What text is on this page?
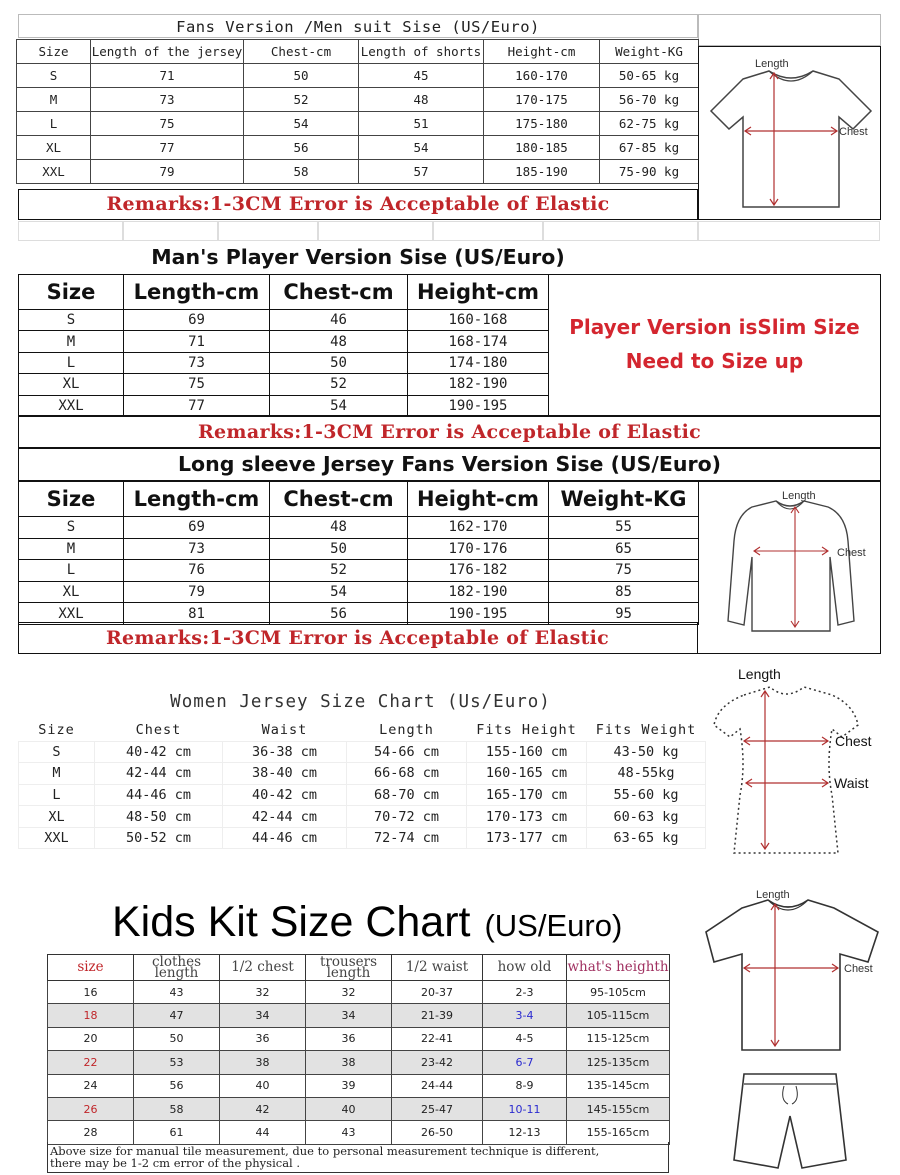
Fans Version /Men suit Sise (US/Euro)
Size	Length of the jersey	Chest-cm	Length of shorts	Height-cm	Weight-KG
S	71	50	45	160-170	50-65 kg
M	73	52	48	170-175	56-70 kg
L	75	54	51	175-180	62-75 kg
XL	77	56	54	180-185	67-85 kg
XXL	79	58	57	185-190	75-90 kg
Remarks:1-3CM Error is Acceptable of Elastic
Length
Chest
Man's Player Version Sise (US/Euro)
Size	Length-cm	Chest-cm	Height-cm
S	69	46	160-168
M	71	48	168-174
L	73	50	174-180
XL	75	52	182-190
XXL	77	54	190-195
Player Version isSlim Size
Need to Size up
Remarks:1-3CM Error is Acceptable of Elastic
Long sleeve Jersey Fans Version Sise (US/Euro)
Size	Length-cm	Chest-cm	Height-cm	Weight-KG
S	69	48	162-170	55
M	73	50	170-176	65
L	76	52	176-182	75
XL	79	54	182-190	85
XXL	81	56	190-195	95
Remarks:1-3CM Error is Acceptable of Elastic
Length
Chest
Women Jersey Size Chart (Us/Euro)
Size	Chest	Waist	Length	Fits Height	Fits Weight
S	40-42 cm	36-38 cm	54-66 cm	155-160 cm	43-50 kg
M	42-44 cm	38-40 cm	66-68 cm	160-165 cm	48-55kg
L	44-46 cm	40-42 cm	68-70 cm	165-170 cm	55-60 kg
XL	48-50 cm	42-44 cm	70-72 cm	170-173 cm	60-63 kg
XXL	50-52 cm	44-46 cm	72-74 cm	173-177 cm	63-65 kg
Length
Chest
Waist
Kids Kit Size Chart (US/Euro)
size	clothes length	1/2 chest	trousers length	1/2 waist	how old	what's heighth
16	43	32	32	20-37	2-3	95-105cm
18	47	34	34	21-39	3-4	105-115cm
20	50	36	36	22-41	4-5	115-125cm
22	53	38	38	23-42	6-7	125-135cm
24	56	40	39	24-44	8-9	135-145cm
26	58	42	40	25-47	10-11	145-155cm
28	61	44	43	26-50	12-13	155-165cm
Above size for manual tile measurement, due to personal measurement technique is different,
there may be 1-2 cm error of the physical .
Length
Chest
